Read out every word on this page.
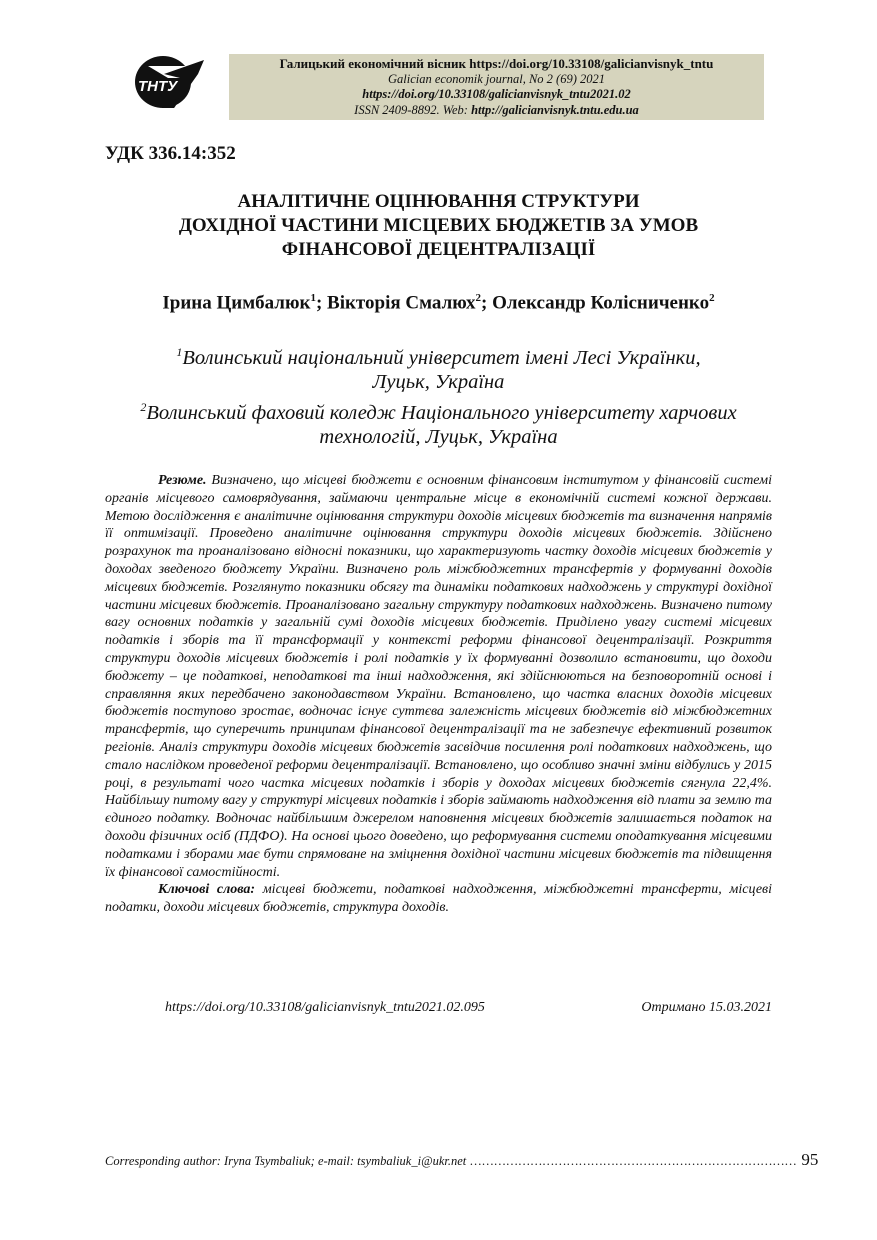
ТНТУ
Галицький економічний вісник https://doi.org/10.33108/galicianvisnyk_tntu
Galician economik journal, No 2 (69) 2021
https://doi.org/10.33108/galicianvisnyk_tntu2021.02
ISSN 2409-8892. Web: http://galicianvisnyk.tntu.edu.ua
УДК 336.14:352
АНАЛІТИЧНЕ ОЦІНЮВАННЯ СТРУКТУРИ
ДОХІДНОЇ ЧАСТИНИ МІСЦЕВИХ БЮДЖЕТІВ ЗА УМОВ
ФІНАНСОВОЇ ДЕЦЕНТРАЛІЗАЦІЇ
Ірина Цимбалюк$^1$; Вікторія Смалюх$^2$; Олександр Колісниченко$^2$
$^1$Волинський національний університет імені Лесі Українки,
Луцьк, Україна
$^2$Волинський фаховий коледж Національного університету харчових
технологій, Луцьк, Україна

Резюме. Визначено, що місцеві бюджети є основним фінансовим інститутом у фінансовій системі органів місцевого самоврядування, займаючи центральне місце в економічній системі кожної держави. Метою дослідження є аналітичне оцінювання структури доходів місцевих бюджетів та визначення напрямів її оптимізації. Проведено аналітичне оцінювання структури доходів місцевих бюджетів. Здійснено розрахунок та проаналізовано відносні показники, що характеризують частку доходів місцевих бюджетів у доходах зведеного бюджету України. Визначено роль міжбюджетних трансфертів у формуванні доходів місцевих бюджетів. Розглянуто показники обсягу та динаміки податкових надходжень у структурі дохідної частини місцевих бюджетів. Проаналізовано загальну структуру податкових надходжень. Визначено питому вагу основних податків у загальній сумі доходів місцевих бюджетів. Приділено увагу системі місцевих податків і зборів та її трансформації у контексті реформи фінансової децентралізації. Розкриття структури доходів місцевих бюджетів і ролі податків у їх формуванні дозволило встановити, що доходи бюджету – це податкові, неподаткові та інші надходження, які здійснюються на безповоротній основі і справляння яких передбачено законодавством України. Встановлено, що частка власних доходів місцевих бюджетів поступово зростає, водночас існує суттєва залежність місцевих бюджетів від міжбюджетних трансфертів, що суперечить принципам фінансової децентралізації та не забезпечує ефективний розвиток регіонів. Аналіз структури доходів місцевих бюджетів засвідчив посилення ролі податкових надходжень, що стало наслідком проведеної реформи децентралізації. Встановлено, що особливо значні зміни відбулись у 2015 році, в результаті чого частка місцевих податків і зборів у доходах місцевих бюджетів сягнула 22,4%. Найбільшу питому вагу у структурі місцевих податків і зборів займають надходження від плати за землю та єдиного податку. Водночас найбільшим джерелом наповнення місцевих бюджетів залишається податок на доходи фізичних осіб (ПДФО). На основі цього доведено, що реформування системи оподаткування місцевими податками і зборами має бути спрямоване на зміцнення дохідної частини місцевих бюджетів та підвищення їх фінансової самостійності.

Ключові слова: місцеві бюджети, податкові надходження, міжбюджетні трансферти, місцеві податки, доходи місцевих бюджетів, структура доходів.

https://doi.org/10.33108/galicianvisnyk_tntu2021.02.095	Отримано 15.03.2021
Corresponding author: Iryna Tsymbaliuk; e-mail: tsymbaliuk_i@ukr.net ……………………………………………………………………… 95
